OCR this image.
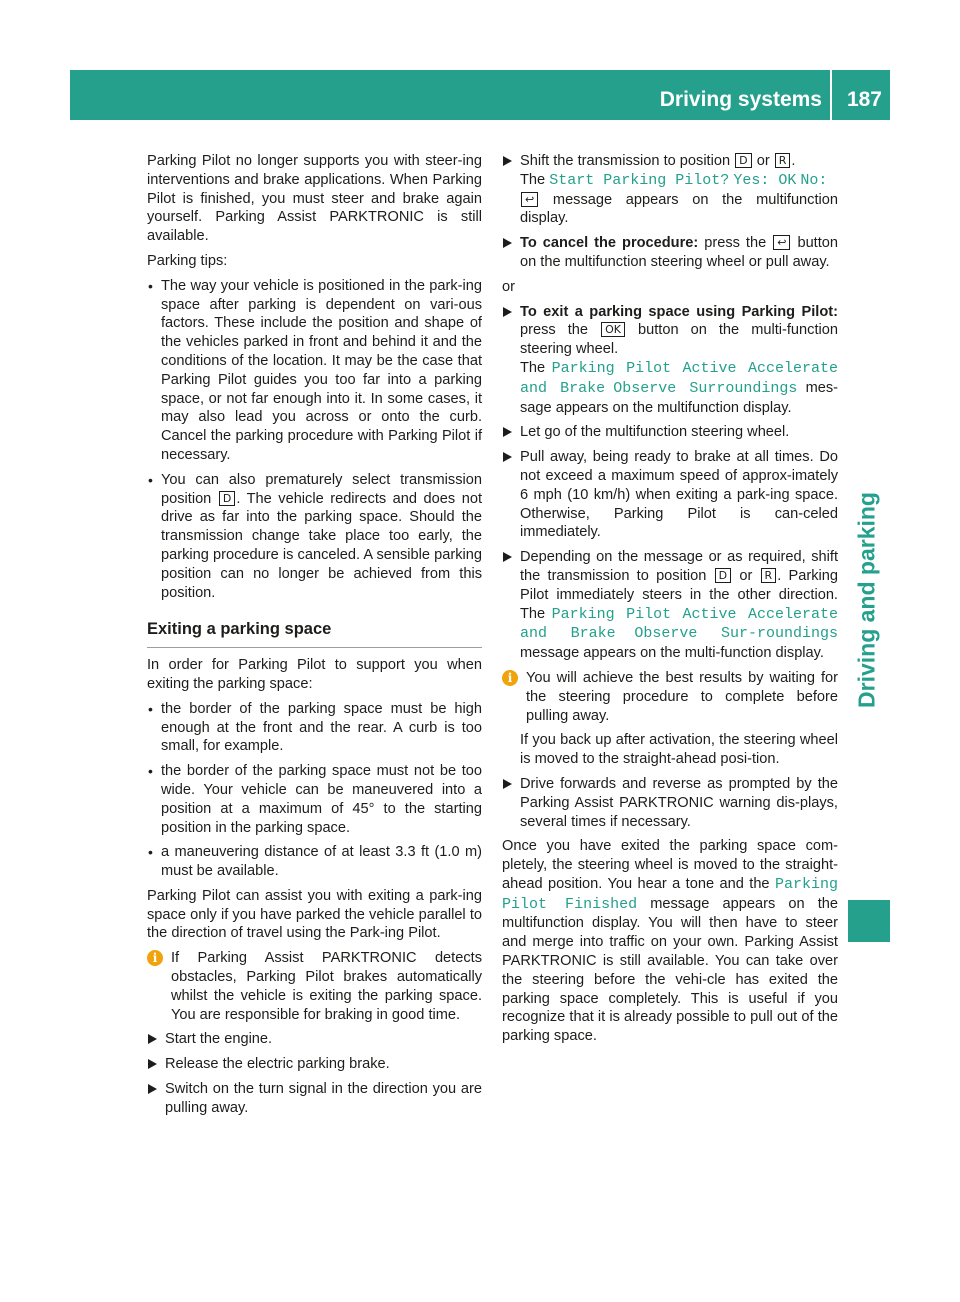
Driving systems 187
Driving and parking

Parking Pilot no longer supports you with steer-ing interventions and brake applications. When Parking Pilot is finished, you must steer and brake again yourself. Parking Assist PARKTRONIC is still available.

Parking tips:

• The way your vehicle is positioned in the park-ing space after parking is dependent on vari-ous factors. These include the position and shape of the vehicles parked in front and behind it and the conditions of the location. It may be the case that Parking Pilot guides you too far into a parking space, or not far enough into it. In some cases, it may also lead you across or onto the curb. Cancel the parking procedure with Parking Pilot if necessary.
• You can also prematurely select transmission position D . The vehicle redirects and does not drive as far into the parking space. Should the transmission change take place too early, the parking procedure is canceled. A sensible parking position can no longer be achieved from this position.
Exiting a parking space

In order for Parking Pilot to support you when exiting the parking space:

• the border of the parking space must be high enough at the front and the rear. A curb is too small, for example.
• the border of the parking space must not be too wide. Your vehicle can be maneuvered into a position at a maximum of 45° to the starting position in the parking space.
• a maneuvering distance of at least 3.3 ft (1.0 m) must be available.

Parking Pilot can assist you with exiting a park-ing space only if you have parked the vehicle parallel to the direction of travel using the Park-ing Pilot.

i If Parking Assist PARKTRONIC detects obstacles, Parking Pilot brakes automatically whilst the vehicle is exiting the parking space. You are responsible for braking in good time.
Start the engine.
Release the electric parking brake.
Switch on the turn signal in the direction you are pulling away.
Shift the transmission to position D or R .
The Start Parking Pilot? Yes: OK No:
↩ message appears on the multifunction display.
To cancel the procedure: press the ↩ button on the multifunction steering wheel or pull away.

or

To exit a parking space using Parking Pilot: press the OK button on the multi-function steering wheel.
The Parking Pilot Active Accelerate and Brake Observe Surroundings mes-sage appears on the multifunction display.
Let go of the multifunction steering wheel.
Pull away, being ready to brake at all times. Do not exceed a maximum speed of approx-imately 6 mph (10 km/h) when exiting a park-ing space. Otherwise, Parking Pilot is can-celed immediately.
Depending on the message or as required, shift the transmission to position D or R . Parking Pilot immediately steers in the other direction. The Parking Pilot Active Accelerate and Brake Observe Sur-roundings message appears on the multi-function display.
i You will achieve the best results by waiting for the steering procedure to complete before pulling away.

If you back up after activation, the steering wheel is moved to the straight-ahead posi-tion.

Drive forwards and reverse as prompted by the Parking Assist PARKTRONIC warning dis-plays, several times if necessary.

Once you have exited the parking space com-pletely, the steering wheel is moved to the straight-ahead position. You hear a tone and the Parking Pilot Finished message appears on the multifunction display. You will then have to steer and merge into traffic on your own. Parking Assist PARKTRONIC is still available. You can take over the steering before the vehi-cle has exited the parking space completely. This is useful if you recognize that it is already possible to pull out of the parking space.
